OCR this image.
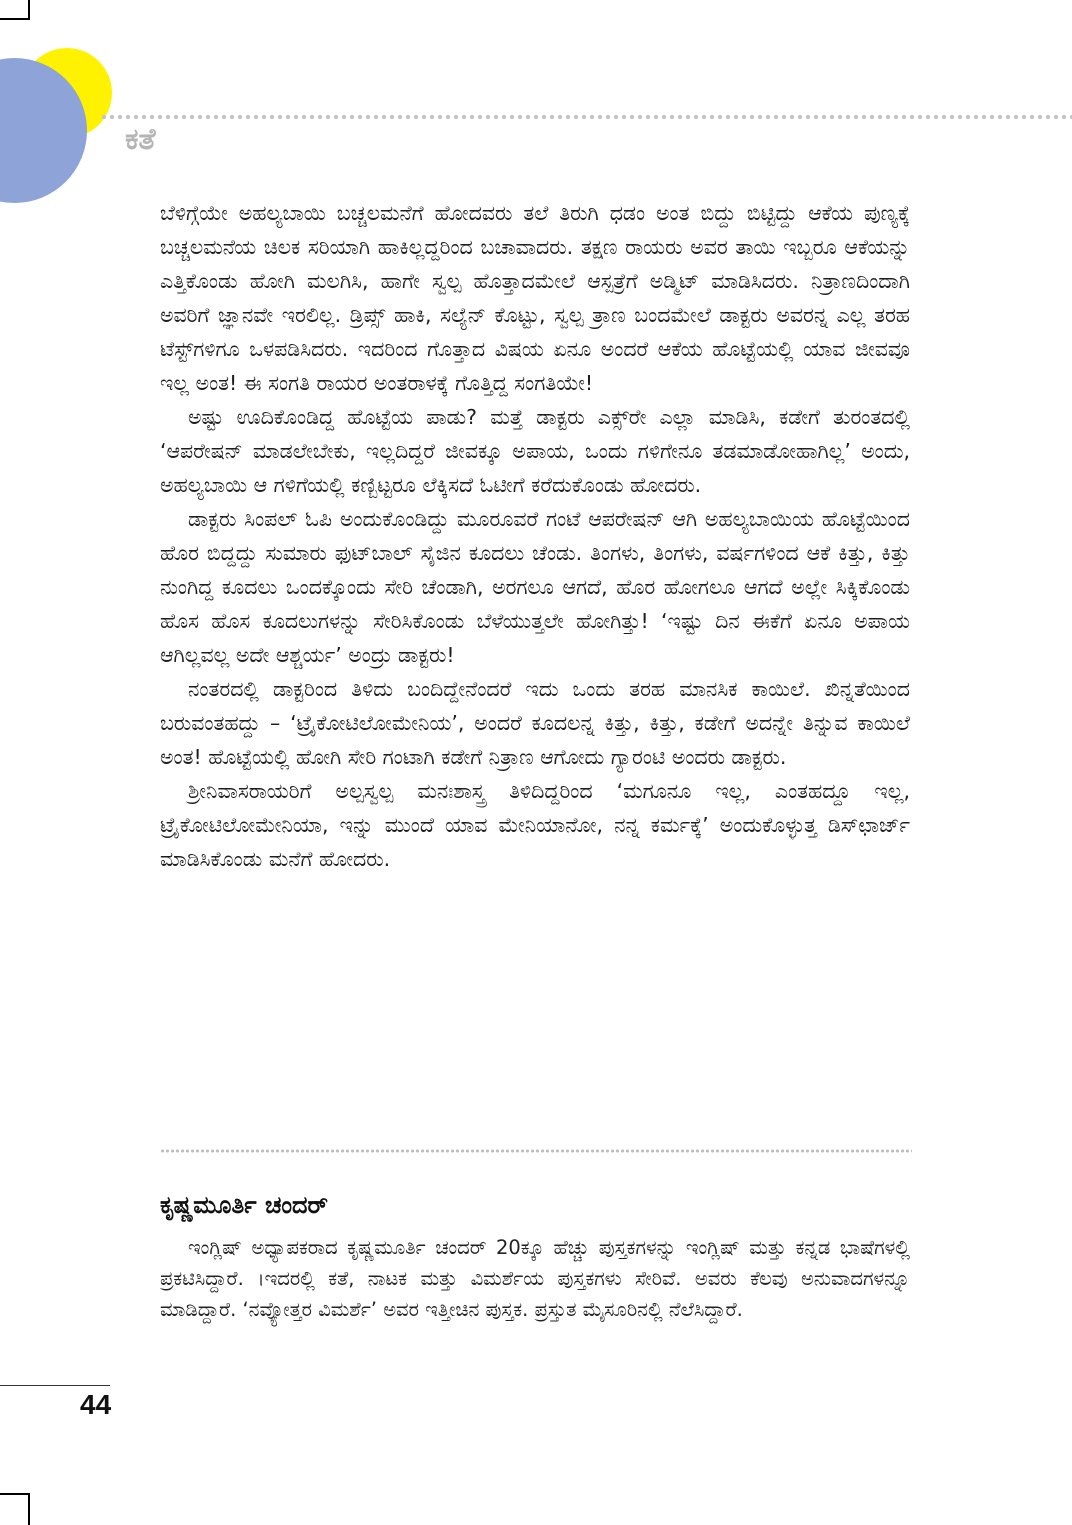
ಕತೆ

ಬೆಳಿಗ್ಗೆಯೇ ಅಹಲ್ಯಬಾಯಿ ಬಚ್ಚಲಮನೆಗೆ ಹೋದವರು ತಲೆ ತಿರುಗಿ ಧಡಂ ಅಂತ ಬಿದ್ದು ಬಿಟ್ಟಿದ್ದು ಆಕೆಯ ಪುಣ್ಯಕ್ಕೆ ಬಚ್ಚಲಮನೆಯ ಚಿಲಕ ಸರಿಯಾಗಿ ಹಾಕಿಲ್ಲದ್ದರಿಂದ ಬಚಾವಾದರು. ತಕ್ಷಣ ರಾಯರು ಅವರ ತಾಯಿ ಇಬ್ಬರೂ ಆಕೆಯನ್ನು ಎತ್ತಿಕೊಂಡು ಹೋಗಿ ಮಲಗಿಸಿ, ಹಾಗೇ ಸ್ವಲ್ಪ ಹೊತ್ತಾದಮೇಲೆ ಆಸ್ಪತ್ರೆಗೆ ಅಡ್ಮಿಟ್ ಮಾಡಿಸಿದರು. ನಿತ್ರಾಣದಿಂದಾಗಿ ಅವರಿಗೆ ಜ್ಞಾನವೇ ಇರಲಿಲ್ಲ. ಡ್ರಿಪ್ಸ್ ಹಾಕಿ, ಸಲ್ಯೆನ್ ಕೊಟ್ಟು, ಸ್ವಲ್ಪ ತ್ರಾಣ ಬಂದಮೇಲೆ ಡಾಕ್ಟರು ಅವರನ್ನ ಎಲ್ಲ ತರಹ ಟೆಸ್ಟ್‌ಗಳಿಗೂ ಒಳಪಡಿಸಿದರು. ಇದರಿಂದ ಗೊತ್ತಾದ ವಿಷಯ ಏನೂ ಅಂದರೆ ಆಕೆಯ ಹೊಟ್ಟೆಯಲ್ಲಿ ಯಾವ ಜೀವವೂ ಇಲ್ಲ ಅಂತ! ಈ ಸಂಗತಿ ರಾಯರ ಅಂತರಾಳಕ್ಕೆ ಗೊತ್ತಿದ್ದ ಸಂಗತಿಯೇ!

ಅಷ್ಟು ಊದಿಕೊಂಡಿದ್ದ ಹೊಟ್ಟೆಯ ಪಾಡು? ಮತ್ತೆ ಡಾಕ್ಟರು ಎಕ್ಸ್‌ರೇ ಎಲ್ಲಾ ಮಾಡಿಸಿ, ಕಡೇಗೆ ತುರಂತದಲ್ಲಿ ‘ಆಪರೇಷನ್ ಮಾಡಲೇಬೇಕು, ಇಲ್ಲದಿದ್ದರೆ ಜೀವಕ್ಕೂ ಅಪಾಯ, ಒಂದು ಗಳಿಗೇನೂ ತಡಮಾಡೋಹಾಗಿಲ್ಲ’ ಅಂದು, ಅಹಲ್ಯಬಾಯಿ ಆ ಗಳಿಗೆಯಲ್ಲಿ ಕಣ್ಬಿಟ್ಟರೂ ಲೆಕ್ಕಿಸದೆ ಓಟೀಗೆ ಕರೆದುಕೊಂಡು ಹೋದರು.

ಡಾಕ್ಟರು ಸಿಂಪಲ್ ಓಪಿ ಅಂದುಕೊಂಡಿದ್ದು ಮೂರೂವರೆ ಗಂಟೆ ಆಪರೇಷನ್ ಆಗಿ ಅಹಲ್ಯಬಾಯಿಯ ಹೊಟ್ಟೆಯಿಂದ ಹೊರ ಬಿದ್ದದ್ದು ಸುಮಾರು ಫುಟ್‌ಬಾಲ್ ಸೈಜಿನ ಕೂದಲು ಚೆಂಡು. ತಿಂಗಳು, ತಿಂಗಳು, ವರ್ಷಗಳಿಂದ ಆಕೆ ಕಿತ್ತು, ಕಿತ್ತು ನುಂಗಿದ್ದ ಕೂದಲು ಒಂದಕ್ಕೊಂದು ಸೇರಿ ಚೆಂಡಾಗಿ, ಅರಗಲೂ ಆಗದೆ, ಹೊರ ಹೋಗಲೂ ಆಗದೆ ಅಲ್ಲೇ ಸಿಕ್ಕಿಕೊಂಡು ಹೊಸ ಹೊಸ ಕೂದಲುಗಳನ್ನು ಸೇರಿಸಿಕೊಂಡು ಬೆಳೆಯುತ್ತಲೇ ಹೋಗಿತ್ತು! ‘ಇಷ್ಟು ದಿನ ಈಕೆಗೆ ಏನೂ ಅಪಾಯ ಆಗಿಲ್ಲವಲ್ಲ ಅದೇ ಆಶ್ಚರ್ಯ’ ಅಂದ್ರು ಡಾಕ್ಟರು!

ನಂತರದಲ್ಲಿ ಡಾಕ್ಟರಿಂದ ತಿಳಿದು ಬಂದಿದ್ದೇನೆಂದರೆ ಇದು ಒಂದು ತರಹ ಮಾನಸಿಕ ಕಾಯಿಲೆ. ಖಿನ್ನತೆಯಿಂದ ಬರುವಂತಹದ್ದು – ‘ಟ್ರೈಕೋಟಿಲೋಮೇನಿಯ’, ಅಂದರೆ ಕೂದಲನ್ನ ಕಿತ್ತು, ಕಿತ್ತು, ಕಡೇಗೆ ಅದನ್ನೇ ತಿನ್ನುವ ಕಾಯಿಲೆ ಅಂತ! ಹೊಟ್ಟೆಯಲ್ಲಿ ಹೋಗಿ ಸೇರಿ ಗಂಟಾಗಿ ಕಡೇಗೆ ನಿತ್ರಾಣ ಆಗೋದು ಗ್ಯಾರಂಟಿ ಅಂದರು ಡಾಕ್ಟರು.

ಶ್ರೀನಿವಾಸರಾಯರಿಗೆ ಅಲ್ಪಸ್ವಲ್ಪ ಮನಃಶಾಸ್ತ್ರ ತಿಳಿದಿದ್ದರಿಂದ ‘ಮಗೂನೂ ಇಲ್ಲ, ಎಂತಹದ್ದೂ ಇಲ್ಲ, ಟ್ರೈಕೋಟಿಲೋಮೇನಿಯಾ, ಇನ್ನು ಮುಂದೆ ಯಾವ ಮೇನಿಯಾನೋ, ನನ್ನ ಕರ್ಮಕ್ಕೆ’ ಅಂದುಕೊಳ್ಳುತ್ತ ಡಿಸ್‌ಛಾರ್ಜ್ ಮಾಡಿಸಿಕೊಂಡು ಮನೆಗೆ ಹೋದರು.

ಕೃಷ್ಣಮೂರ್ತಿ ಚಂದರ್

ಇಂಗ್ಲಿಷ್ ಅಧ್ಯಾಪಕರಾದ ಕೃಷ್ಣಮೂರ್ತಿ ಚಂದರ್ 20ಕ್ಕೂ ಹೆಚ್ಚು ಪುಸ್ತಕಗಳನ್ನು ಇಂಗ್ಲಿಷ್ ಮತ್ತು ಕನ್ನಡ ಭಾಷೆಗಳಲ್ಲಿ ಪ್ರಕಟಿಸಿದ್ದಾರೆ. ।ಇದರಲ್ಲಿ ಕತೆ, ನಾಟಕ ಮತ್ತು ವಿಮರ್ಶೆಯ ಪುಸ್ತಕಗಳು ಸೇರಿವೆ. ಅವರು ಕೆಲವು ಅನುವಾದಗಳನ್ನೂ ಮಾಡಿದ್ದಾರೆ. ‘ನವ್ಯೋತ್ತರ ವಿಮರ್ಶೆ’ ಅವರ ಇತ್ತೀಚಿನ ಪುಸ್ತಕ. ಪ್ರಸ್ತುತ ಮೈಸೂರಿನಲ್ಲಿ ನೆಲೆಸಿದ್ದಾರೆ.

44
